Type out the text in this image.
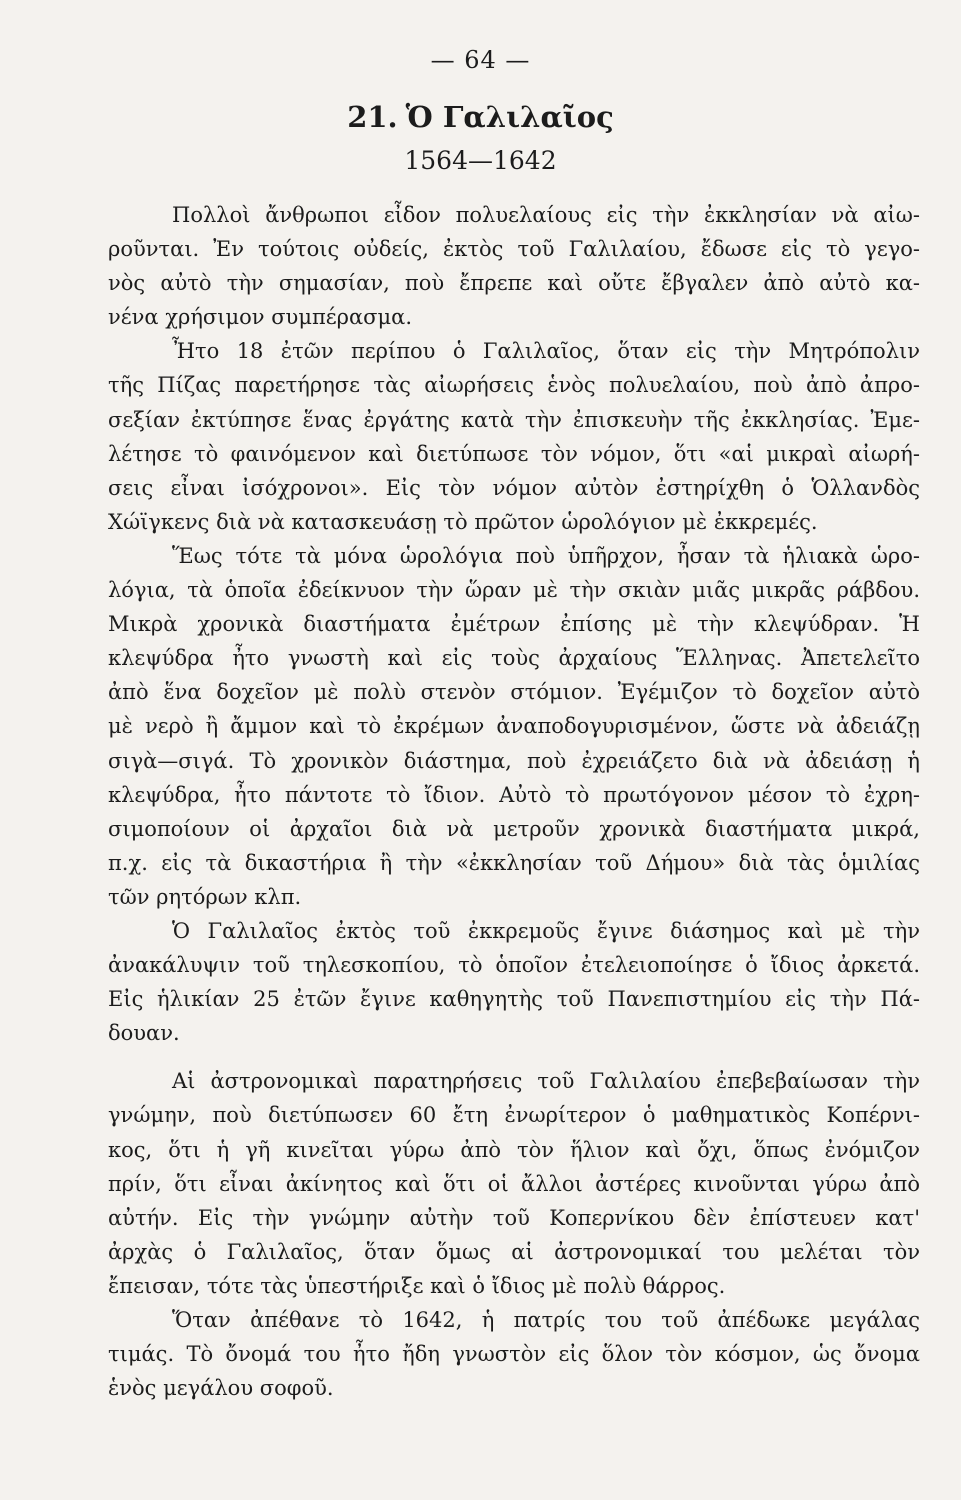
— 64 —
21. Ὁ Γαλιλαῖος
1564—1642
Πολλοὶ ἄνθρωποι εἶδον πολυελαίους εἰς τὴν ἐκκλησίαν νὰ αἰω-
ροῦνται. Ἐν τούτοις οὐδείς, ἐκτὸς τοῦ Γαλιλαίου, ἔδωσε εἰς τὸ γεγο-
νὸς αὐτὸ τὴν σημασίαν, ποὺ ἔπρεπε καὶ οὔτε ἔβγαλεν ἀπὸ αὐτὸ κα-
νένα χρήσιμον συμπέρασμα.
Ἦτο 18 ἐτῶν περίπου ὁ Γαλιλαῖος, ὅταν εἰς τὴν Μητρόπολιν
τῆς Πίζας παρετήρησε τὰς αἰωρήσεις ἑνὸς πολυελαίου, ποὺ ἀπὸ ἀπρο-
σεξίαν ἐκτύπησε ἕνας ἐργάτης κατὰ τὴν ἐπισκευὴν τῆς ἐκκλησίας. Ἐμε-
λέτησε τὸ φαινόμενον καὶ διετύπωσε τὸν νόμον, ὅτι «αἱ μικραὶ αἰωρή-
σεις εἶναι ἰσόχρονοι». Εἰς τὸν νόμον αὐτὸν ἐστηρίχθη ὁ Ὁλλανδὸς
Χώϊγκενς διὰ νὰ κατασκευάσῃ τὸ πρῶτον ὡρολόγιον μὲ ἐκκρεμές.
Ἕως τότε τὰ μόνα ὡρολόγια ποὺ ὑπῆρχον, ἦσαν τὰ ἡλιακὰ ὡρο-
λόγια, τὰ ὁποῖα ἐδείκνυον τὴν ὥραν μὲ τὴν σκιὰν μιᾶς μικρᾶς ράβδου.
Μικρὰ χρονικὰ διαστήματα ἐμέτρων ἐπίσης μὲ τὴν κλεψύδραν. Ἡ
κλεψύδρα ἦτο γνωστὴ καὶ εἰς τοὺς ἀρχαίους Ἕλληνας. Ἀπετελεῖτο
ἀπὸ ἕνα δοχεῖον μὲ πολὺ στενὸν στόμιον. Ἐγέμιζον τὸ δοχεῖον αὐτὸ
μὲ νερὸ ἢ ἄμμον καὶ τὸ ἐκρέμων ἀναποδογυρισμένον, ὥστε νὰ ἀδειάζῃ
σιγὰ—σιγά. Τὸ χρονικὸν διάστημα, ποὺ ἐχρειάζετο διὰ νὰ ἀδειάσῃ ἡ
κλεψύδρα, ἦτο πάντοτε τὸ ἴδιον. Αὐτὸ τὸ πρωτόγονον μέσον τὸ ἐχρη-
σιμοποίουν οἱ ἀρχαῖοι διὰ νὰ μετροῦν χρονικὰ διαστήματα μικρά,
π.χ. εἰς τὰ δικαστήρια ἢ τὴν «ἐκκλησίαν τοῦ Δήμου» διὰ τὰς ὁμιλίας
τῶν ρητόρων κλπ.
Ὁ Γαλιλαῖος ἐκτὸς τοῦ ἐκκρεμοῦς ἔγινε διάσημος καὶ μὲ τὴν
ἀνακάλυψιν τοῦ τηλεσκοπίου, τὸ ὁποῖον ἐτελειοποίησε ὁ ἴδιος ἀρκετά.
Εἰς ἡλικίαν 25 ἐτῶν ἔγινε καθηγητὴς τοῦ Πανεπιστημίου εἰς τὴν Πά-
δουαν.
Αἱ ἀστρονομικαὶ παρατηρήσεις τοῦ Γαλιλαίου ἐπεβεβαίωσαν τὴν
γνώμην, ποὺ διετύπωσεν 60 ἔτη ἐνωρίτερον ὁ μαθηματικὸς Κοπέρνι-
κος, ὅτι ἡ γῆ κινεῖται γύρω ἀπὸ τὸν ἥλιον καὶ ὄχι, ὅπως ἐνόμιζον
πρίν, ὅτι εἶναι ἀκίνητος καὶ ὅτι οἱ ἄλλοι ἀστέρες κινοῦνται γύρω ἀπὸ
αὐτήν. Εἰς τὴν γνώμην αὐτὴν τοῦ Κοπερνίκου δὲν ἐπίστευεν κατ'
ἀρχὰς ὁ Γαλιλαῖος, ὅταν ὅμως αἱ ἀστρονομικαί του μελέται τὸν
ἔπεισαν, τότε τὰς ὑπεστήριξε καὶ ὁ ἴδιος μὲ πολὺ θάρρος.
Ὅταν ἀπέθανε τὸ 1642, ἡ πατρίς του τοῦ ἀπέδωκε μεγάλας
τιμάς. Τὸ ὄνομά του ἦτο ἤδη γνωστὸν εἰς ὅλον τὸν κόσμον, ὡς ὄνομα
ἑνὸς μεγάλου σοφοῦ.
